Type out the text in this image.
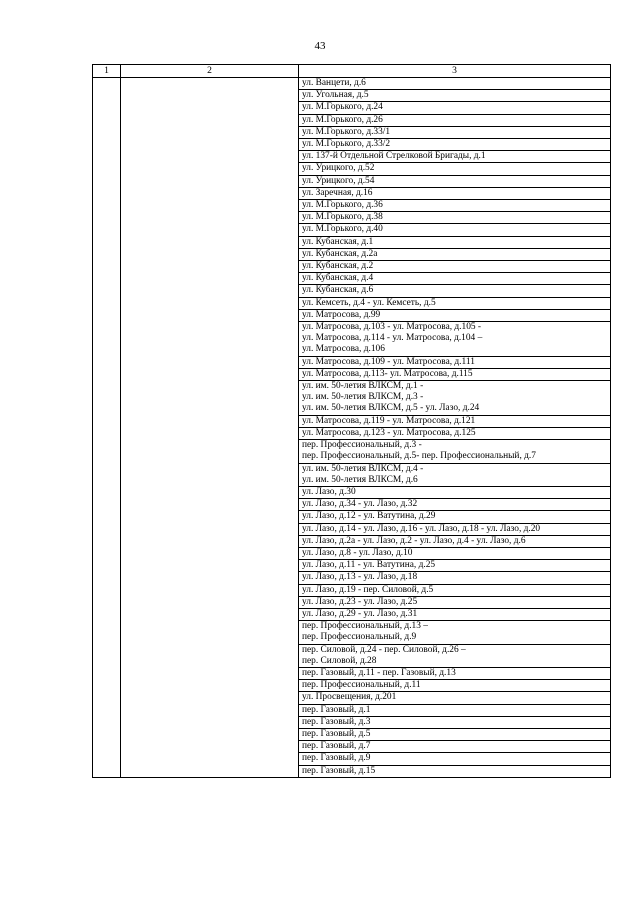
43
1	2	3

		ул. Ванцети, д.6

		ул. Угольная, д.5

		ул. М.Горького, д.24

		ул. М.Горького, д.26

		ул. М.Горького, д.33/1

		ул. М.Горького, д.33/2

		ул. 137-й Отдельной Стрелковой Бригады, д.1

		ул. Урицкого, д.52

		ул. Урицкого, д.54

		ул. Заречная, д.16

		ул. М.Горького, д.36

		ул. М.Горького, д.38

		ул. М.Горького, д.40

		ул. Кубанская, д.1

		ул. Кубанская, д.2а

		ул. Кубанская, д.2

		ул. Кубанская, д.4

		ул. Кубанская, д.6

		ул. Кемсеть, д.4 - ул. Кемсеть, д.5

		ул. Матросова, д.99

		ул. Матросова, д.103 - ул. Матросова, д.105 -
ул. Матросова, д.114 - ул. Матросова, д.104 –
ул. Матросова, д.106

		ул. Матросова, д.109 - ул. Матросова, д.111

		ул. Матросова, д.113- ул. Матросова, д.115

		ул. им. 50-летия ВЛКСМ, д.1 -
ул. им. 50-летия ВЛКСМ, д.3 -
ул. им. 50-летия ВЛКСМ, д.5 - ул. Лазо, д.24

		ул. Матросова, д.119 - ул. Матросова, д.121

		ул. Матросова, д.123 - ул. Матросова, д.125

		пер. Профессиональный, д.3 -
пер. Профессиональный, д.5- пер. Профессиональный, д.7

		ул. им. 50-летия ВЛКСМ, д.4 -
ул. им. 50-летия ВЛКСМ, д.6

		ул. Лазо, д.30

		ул. Лазо, д.34 - ул. Лазо, д.32

		ул. Лазо, д.12 - ул. Ватутина, д.29

		ул. Лазо, д.14 - ул. Лазо, д.16 - ул. Лазо, д.18 - ул. Лазо, д.20

		ул. Лазо, д.2а - ул. Лазо, д.2 - ул. Лазо, д.4 - ул. Лазо, д.6

		ул. Лазо, д.8 - ул. Лазо, д.10

		ул. Лазо, д.11 - ул. Ватутина, д.25

		ул. Лазо, д.13 - ул. Лазо, д.18

		ул. Лазо, д.19 - пер. Силовой, д.5

		ул. Лазо, д.23 - ул. Лазо, д.25

		ул. Лазо, д.29 - ул. Лазо, д.31

		пер. Профессиональный, д.13 –
пер. Профессиональный, д.9

		пер. Силовой, д.24 - пер. Силовой, д.26 –
пер. Силовой, д.28

		пер. Газовый, д.11 - пер. Газовый, д.13

		пер. Профессиональный, д.11

		ул. Просвещения, д.201

		пер. Газовый, д.1

		пер. Газовый, д.3

		пер. Газовый, д.5

		пер. Газовый, д.7

		пер. Газовый, д.9

		пер. Газовый, д.15
